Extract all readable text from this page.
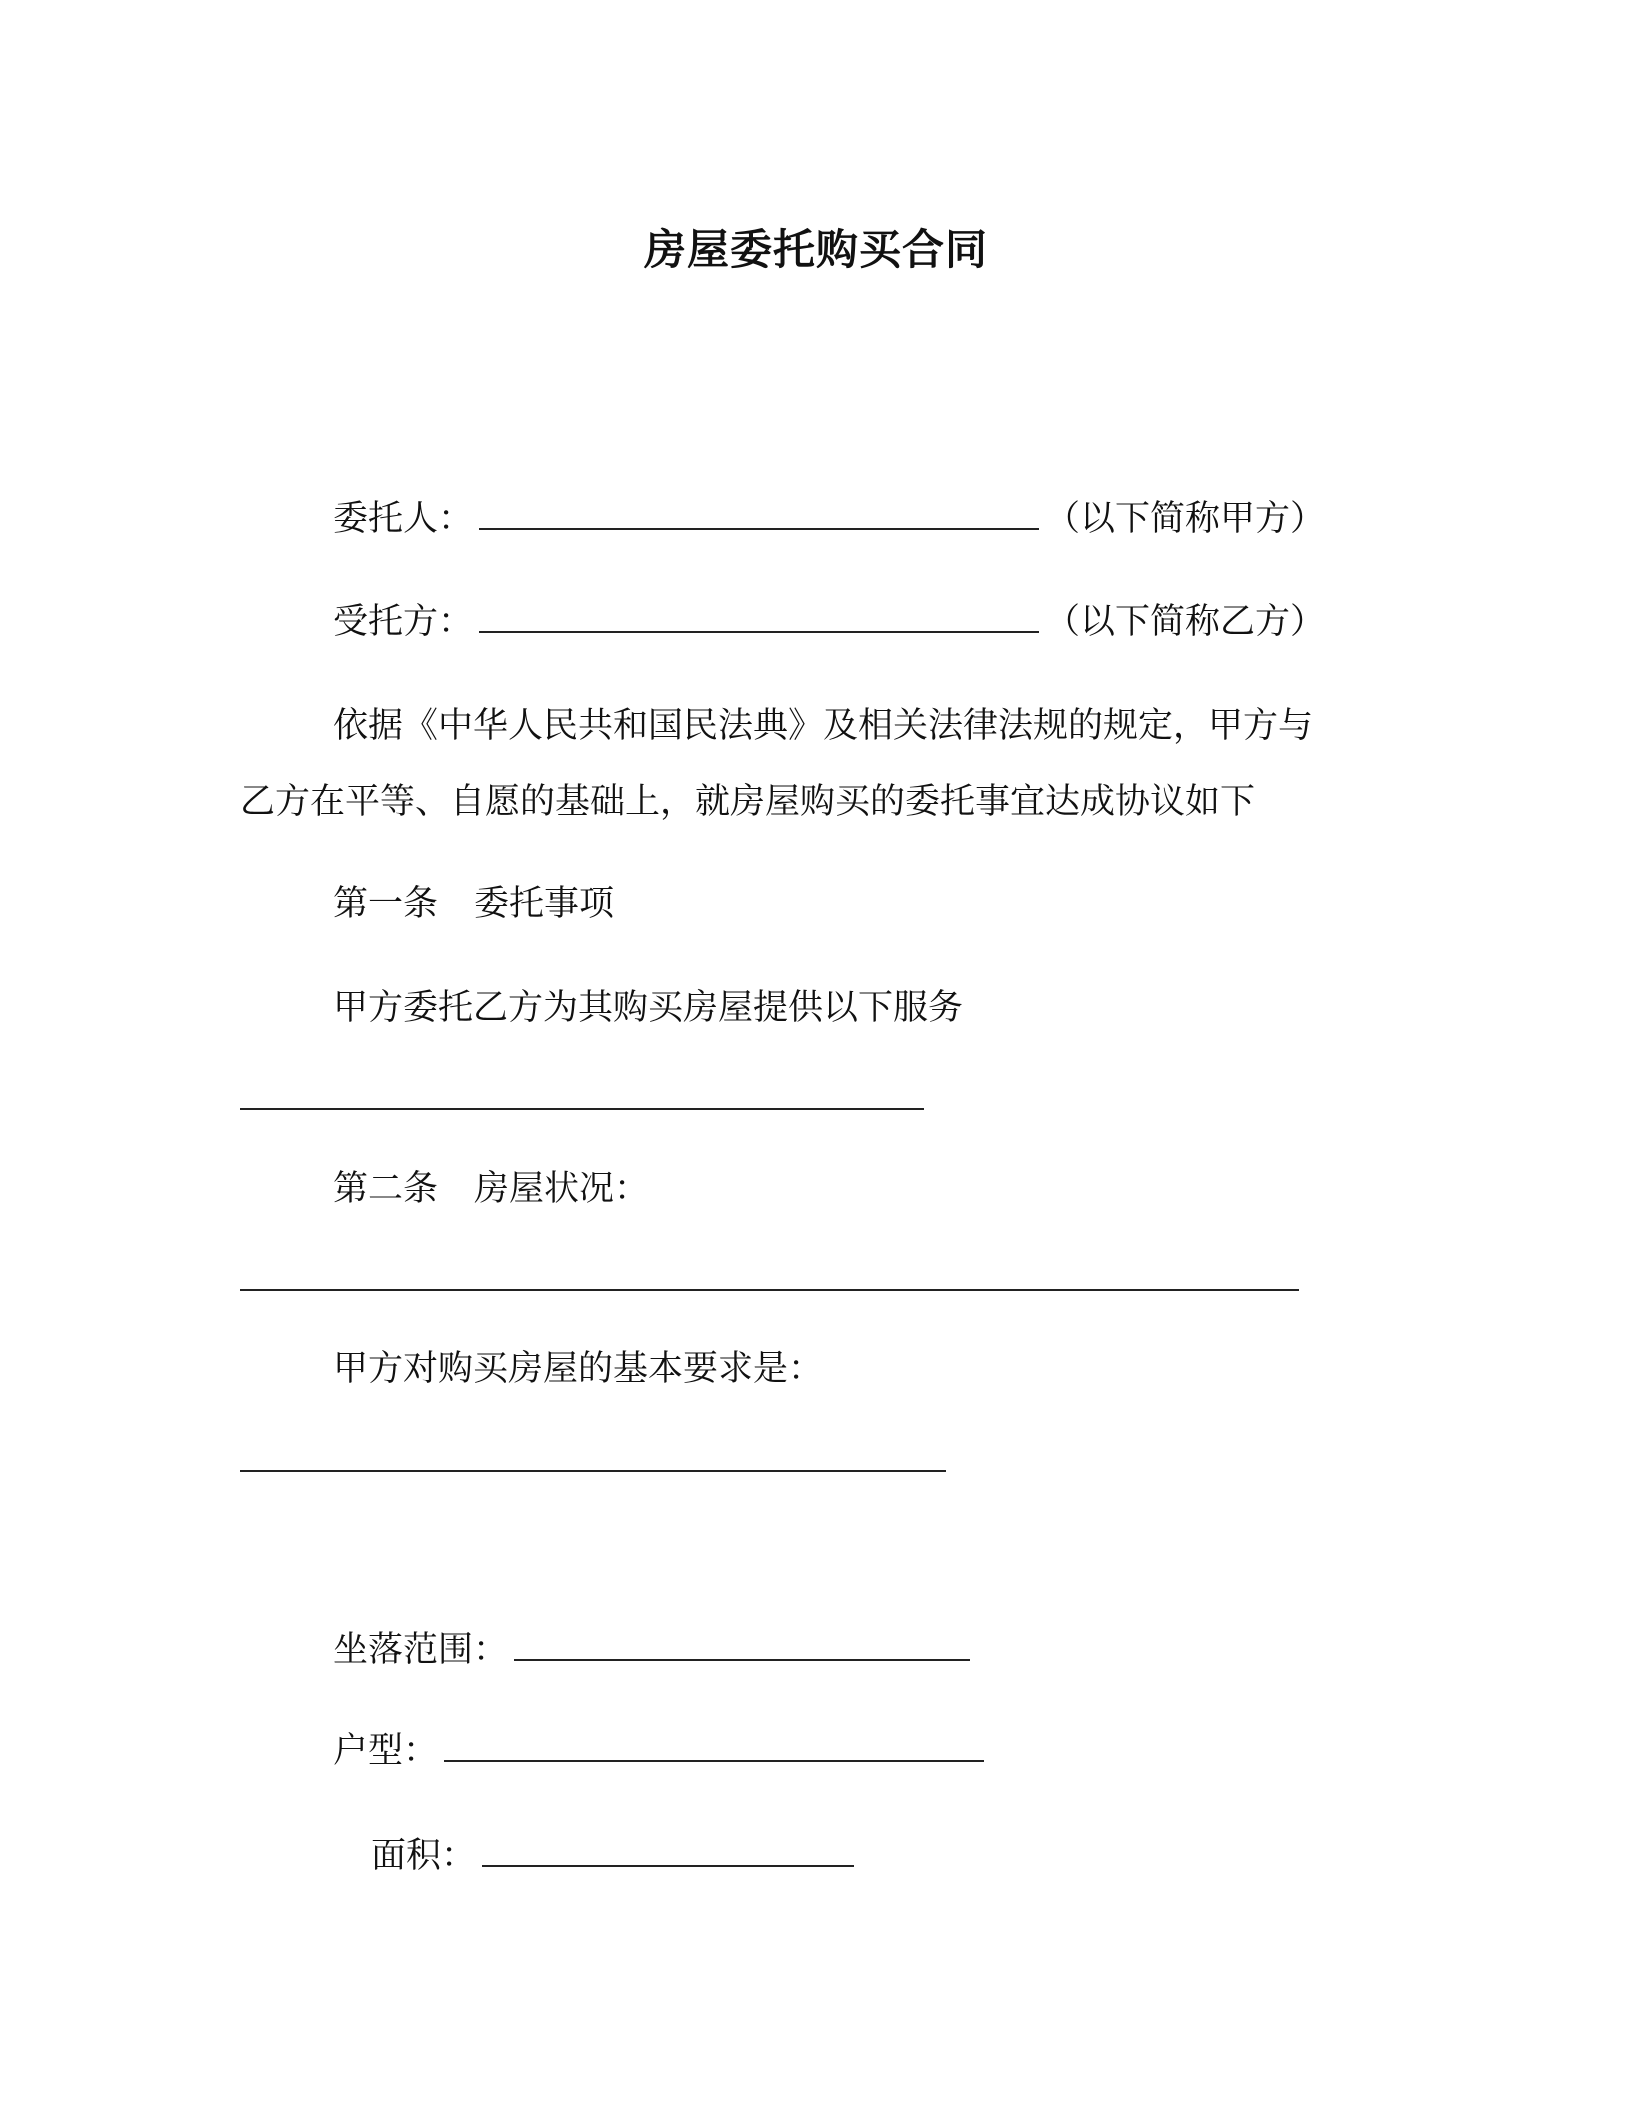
房屋委托购买合同
委托人：	（以下简称甲方）
受托方：	（以下简称乙方）
依据《中华人民共和国民法典》及相关法律法规的规定，甲方与
乙方在平等、自愿的基础上，就房屋购买的委托事宜达成协议如下
第一条 委托事项
甲方委托乙方为其购买房屋提供以下服务
第二条 房屋状况：
甲方对购买房屋的基本要求是：
坐落范围：
户型：
面积：
